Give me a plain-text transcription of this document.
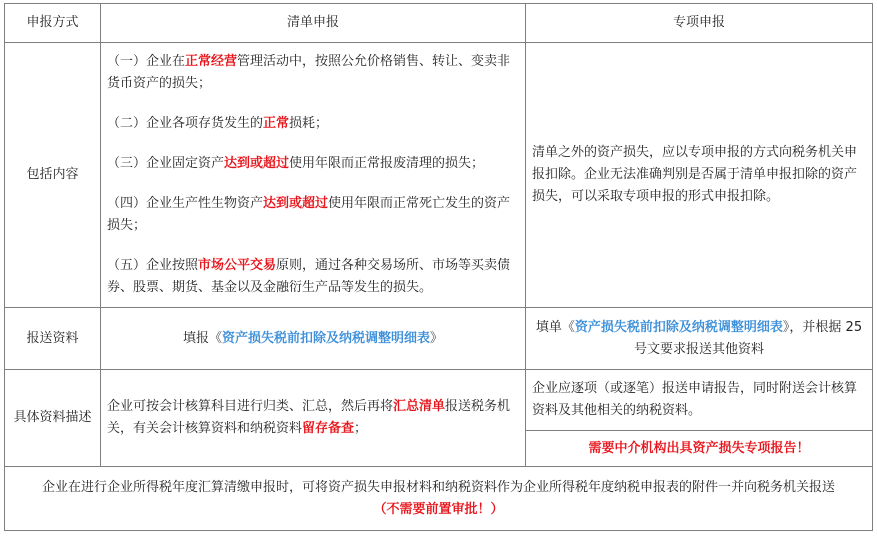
申报方式	清单申报	专项申报
包括内容	（一）企业在正常经营管理活动中，按照公允价格销售、转让、变卖非货币资产的损失；

（二）企业各项存货发生的正常损耗；

（三）企业固定资产达到或超过使用年限而正常报废清理的损失；

（四）企业生产性生物资产达到或超过使用年限而正常死亡发生的资产损失；

（五）企业按照市场公平交易原则，通过各种交易场所、市场等买卖债券、股票、期货、基金以及金融衍生产品等发生的损失。	清单之外的资产损失，应以专项申报的方式向税务机关申报扣除。企业无法准确判别是否属于清单申报扣除的资产损失，可以采取专项申报的形式申报扣除。
报送资料	填报《资产损失税前扣除及纳税调整明细表》	填单《资产损失税前扣除及纳税调整明细表》，并根据 25 号文要求报送其他资料
具体资料描述	企业可按会计核算科目进行归类、汇总，然后再将汇总清单报送税务机关，有关会计核算资料和纳税资料留存备查；	企业应逐项（或逐笔）报送申请报告，同时附送会计核算资料及其他相关的纳税资料。
		需要中介机构出具资产损失专项报告！

企业在进行企业所得税年度汇算清缴申报时，可将资产损失申报材料和纳税资料作为企业所得税年度纳税申报表的附件一并向税务机关报送
（不需要前置审批！）		
